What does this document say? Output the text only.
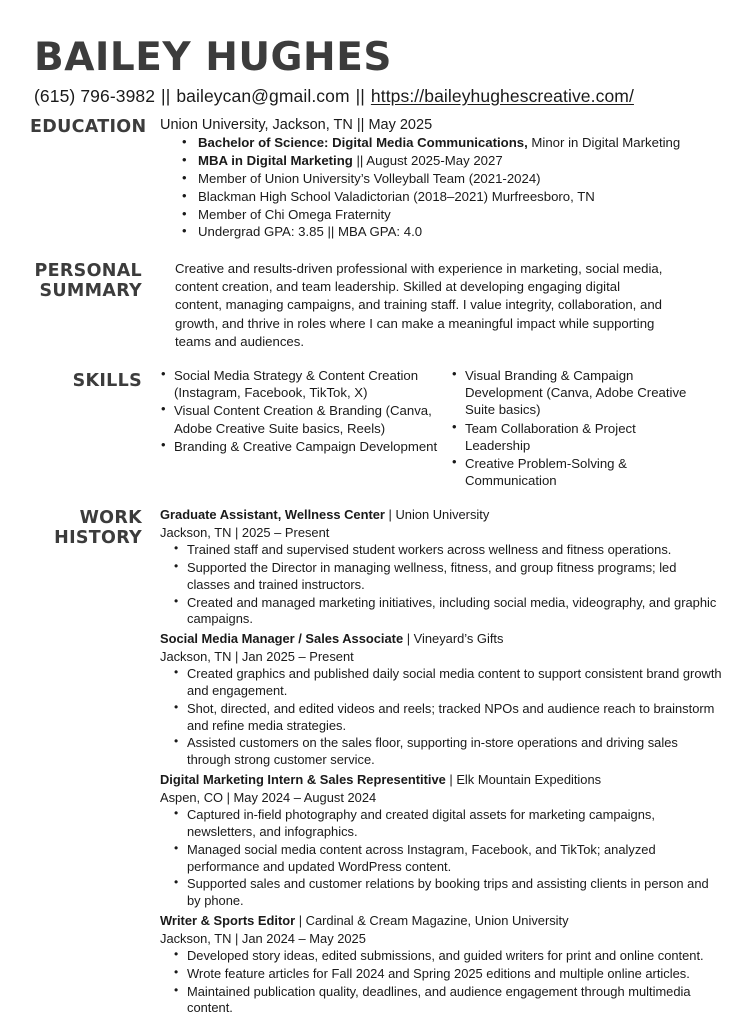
BAILEY HUGHES
(615) 796-3982 || baileycan@gmail.com || https://baileyhughescreative.com/
EDUCATION Union University, Jackson, TN || May 2025

• Bachelor of Science: Digital Media Communications, Minor in Digital Marketing
• MBA in Digital Marketing || August 2025-May 2027
• Member of Union University’s Volleyball Team (2021-2024)
• Blackman High School Valadictorian (2018–2021) Murfreesboro, TN
• Member of Chi Omega Fraternity
• Undergrad GPA: 3.85 || MBA GPA: 4.0
PERSONAL
SUMMARY

Creative and results-driven professional with experience in marketing, social media, content creation, and team leadership. Skilled at developing engaging digital content, managing campaigns, and training staff. I value integrity, collaboration, and growth, and thrive in roles where I can make a meaningful impact while supporting teams and audiences.

SKILLS	• Social Media Strategy & Content Creation (Instagram, Facebook, TikTok, X)
• Visual Content Creation & Branding (Canva, Adobe Creative Suite basics, Reels)
• Branding & Creative Campaign Development
• Visual Branding & Campaign Development (Canva, Adobe Creative Suite basics)
• Team Collaboration & Project Leadership
• Creative Problem-Solving & Communication
WORK
HISTORY

Graduate Assistant, Wellness Center | Union University

Jackson, TN | 2025 – Present

• Trained staff and supervised student workers across wellness and fitness operations.
• Supported the Director in managing wellness, fitness, and group fitness programs; led classes and trained instructors.
• Created and managed marketing initiatives, including social media, videography, and graphic campaigns.

Social Media Manager / Sales Associate | Vineyard’s Gifts

Jackson, TN | Jan 2025 – Present

• Created graphics and published daily social media content to support consistent brand growth and engagement.
• Shot, directed, and edited videos and reels; tracked NPOs and audience reach to brainstorm and refine media strategies.
• Assisted customers on the sales floor, supporting in-store operations and driving sales through strong customer service.

Digital Marketing Intern & Sales Representitive | Elk Mountain Expeditions

Aspen, CO | May 2024 – August 2024

• Captured in-field photography and created digital assets for marketing campaigns, newsletters, and infographics.
• Managed social media content across Instagram, Facebook, and TikTok; analyzed performance and updated WordPress content.
• Supported sales and customer relations by booking trips and assisting clients in person and by phone.

Writer & Sports Editor | Cardinal & Cream Magazine, Union University

Jackson, TN | Jan 2024 – May 2025

• Developed story ideas, edited submissions, and guided writers for print and online content.
• Wrote feature articles for Fall 2024 and Spring 2025 editions and multiple online articles.
• Maintained publication quality, deadlines, and audience engagement through multimedia content.
